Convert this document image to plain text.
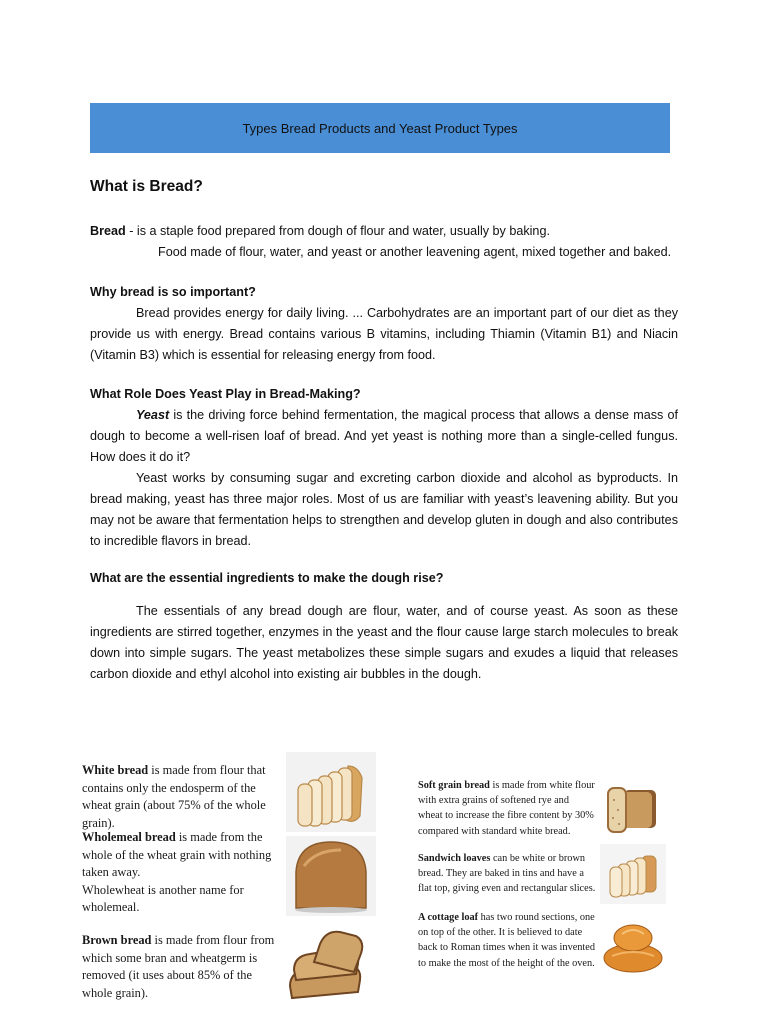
Types Bread Products and Yeast Product Types
What is Bread?

Bread - is a staple food prepared from dough of flour and water, usually by baking.

Food made of flour, water, and yeast or another leavening agent, mixed together and baked.

Why bread is so important?

Bread provides energy for daily living. ... Carbohydrates are an important part of our diet as they provide us with energy. Bread contains various B vitamins, including Thiamin (Vitamin B1) and Niacin (Vitamin B3) which is essential for releasing energy from food.

What Role Does Yeast Play in Bread-Making?

Yeast is the driving force behind fermentation, the magical process that allows a dense mass of dough to become a well-risen loaf of bread. And yet yeast is nothing more than a single-celled fungus. How does it do it?

Yeast works by consuming sugar and excreting carbon dioxide and alcohol as byproducts. In bread making, yeast has three major roles. Most of us are familiar with yeast’s leavening ability. But you may not be aware that fermentation helps to strengthen and develop gluten in dough and also contributes to incredible flavors in bread.

What are the essential ingredients to make the dough rise?

The essentials of any bread dough are flour, water, and of course yeast. As soon as these ingredients are stirred together, enzymes in the yeast and the flour cause large starch molecules to break down into simple sugars. The yeast metabolizes these simple sugars and exudes a liquid that releases carbon dioxide and ethyl alcohol into existing air bubbles in the dough.

White bread is made from flour that contains only the endosperm of the wheat grain (about 75% of the whole grain).
Wholemeal bread is made from the whole of the wheat grain with nothing taken away.
Wholewheat is another name for wholemeal.
Brown bread is made from flour from which some bran and wheatgerm is removed (it uses about 85% of the whole grain).
Soft grain bread is made from white flour with extra grains of softened rye and wheat to increase the fibre content by 30% compared with standard white bread.
Sandwich loaves can be white or brown bread. They are baked in tins and have a flat top, giving even and rectangular slices.
A cottage loaf has two round sections, one on top of the other. It is believed to date back to Roman times when it was invented to make the most of the height of the oven.
